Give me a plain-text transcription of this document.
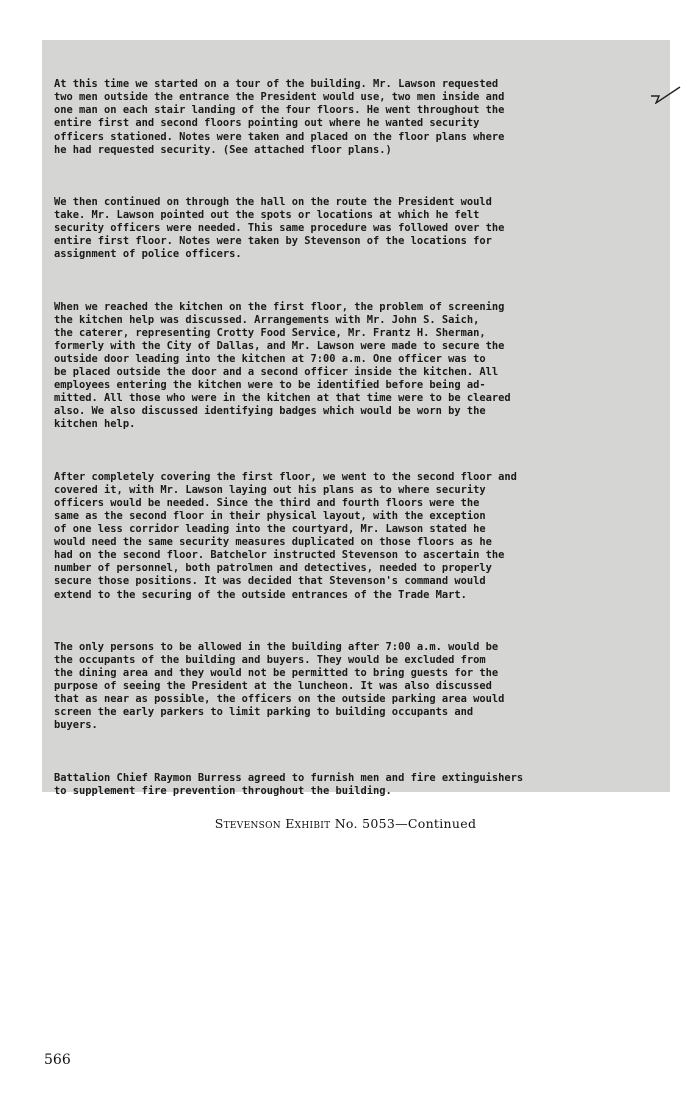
At this time we started on a tour of the building. Mr. Lawson requested
two men outside the entrance the President would use, two men inside and
one man on each stair landing of the four floors. He went throughout the
entire first and second floors pointing out where he wanted security
officers stationed. Notes were taken and placed on the floor plans where
he had requested security. (See attached floor plans.)

We then continued on through the hall on the route the President would
take. Mr. Lawson pointed out the spots or locations at which he felt
security officers were needed. This same procedure was followed over the
entire first floor. Notes were taken by Stevenson of the locations for
assignment of police officers.

When we reached the kitchen on the first floor, the problem of screening
the kitchen help was discussed. Arrangements with Mr. John S. Saich,
the caterer, representing Crotty Food Service, Mr. Frantz H. Sherman,
formerly with the City of Dallas, and Mr. Lawson were made to secure the
outside door leading into the kitchen at 7:00 a.m. One officer was to
be placed outside the door and a second officer inside the kitchen. All
employees entering the kitchen were to be identified before being ad-
mitted. All those who were in the kitchen at that time were to be cleared
also. We also discussed identifying badges which would be worn by the
kitchen help.

After completely covering the first floor, we went to the second floor and
covered it, with Mr. Lawson laying out his plans as to where security
officers would be needed. Since the third and fourth floors were the
same as the second floor in their physical layout, with the exception
of one less corridor leading into the courtyard, Mr. Lawson stated he
would need the same security measures duplicated on those floors as he
had on the second floor. Batchelor instructed Stevenson to ascertain the
number of personnel, both patrolmen and detectives, needed to properly
secure those positions. It was decided that Stevenson's command would
extend to the securing of the outside entrances of the Trade Mart.

The only persons to be allowed in the building after 7:00 a.m. would be
the occupants of the building and buyers. They would be excluded from
the dining area and they would not be permitted to bring guests for the
purpose of seeing the President at the luncheon. It was also discussed
that as near as possible, the officers on the outside parking area would
screen the early parkers to limit parking to building occupants and
buyers.

Battalion Chief Raymon Burress agreed to furnish men and fire extinguishers
to supplement fire prevention throughout the building.

Stevenson Exhibit No. 5053—Continued
566
